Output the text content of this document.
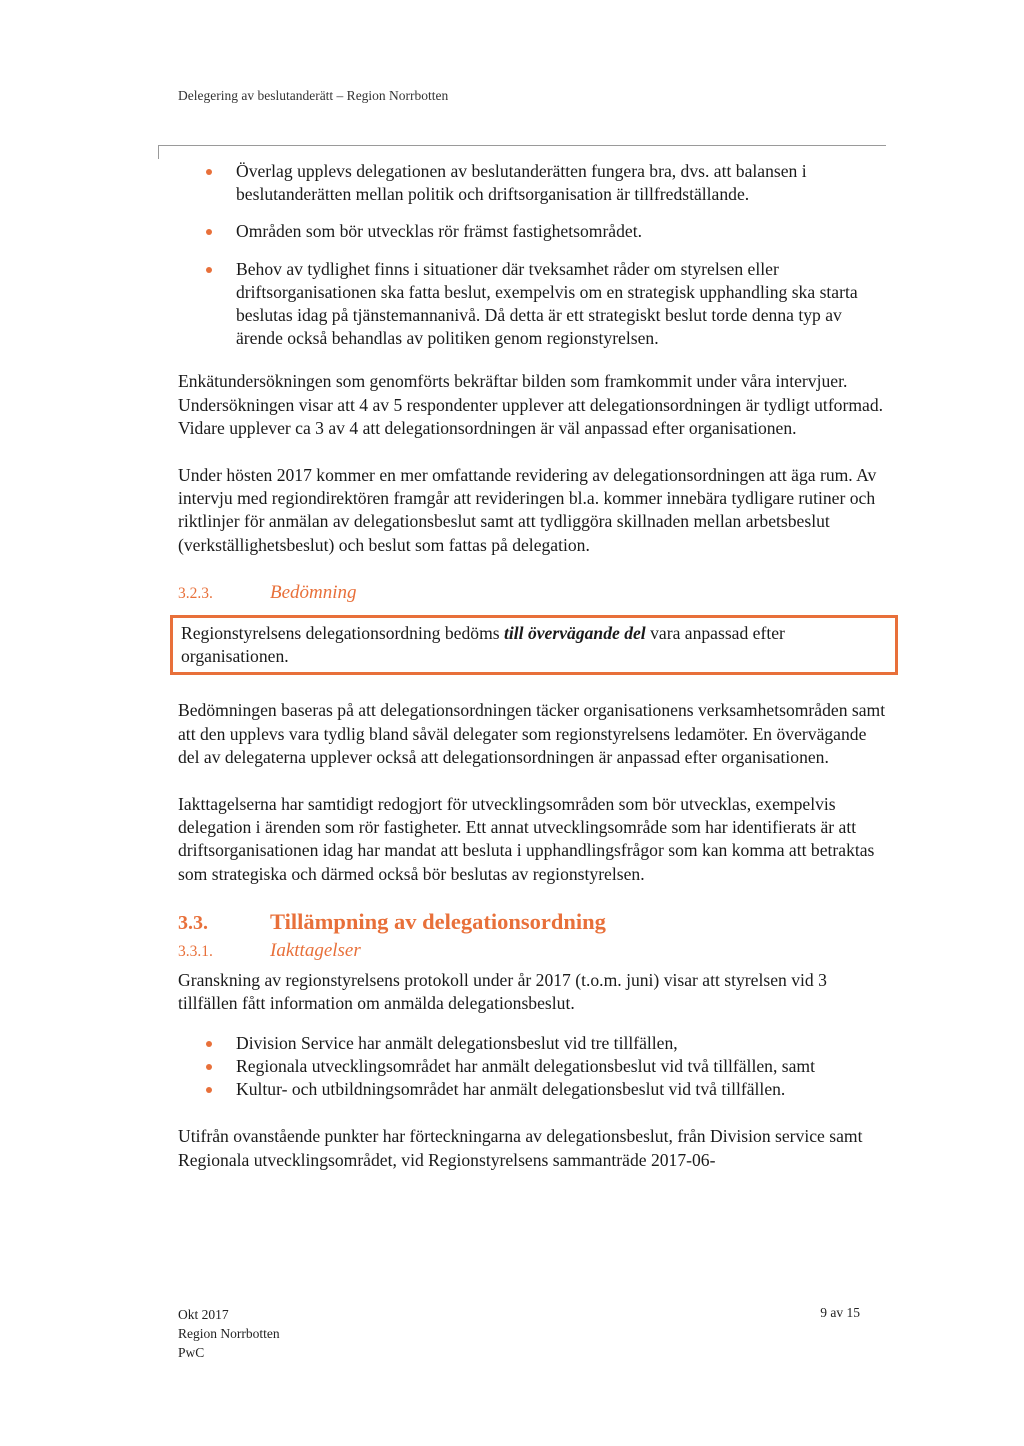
Delegering av beslutanderätt – Region Norrbotten
Överlag upplevs delegationen av beslutanderätten fungera bra, dvs. att balansen i beslutanderätten mellan politik och driftsorganisation är tillfredställande.
Områden som bör utvecklas rör främst fastighetsområdet.
Behov av tydlighet finns i situationer där tveksamhet råder om styrelsen eller driftsorganisationen ska fatta beslut, exempelvis om en strategisk upphandling ska starta beslutas idag på tjänstemannanivå. Då detta är ett strategiskt beslut torde denna typ av ärende också behandlas av politiken genom regionstyrelsen.

Enkätundersökningen som genomförts bekräftar bilden som framkommit under våra intervjuer. Undersökningen visar att 4 av 5 respondenter upplever att delegationsordningen är tydligt utformad. Vidare upplever ca 3 av 4 att delegationsordningen är väl anpassad efter organisationen.

Under hösten 2017 kommer en mer omfattande revidering av delegationsordningen att äga rum. Av intervju med regiondirektören framgår att revideringen bl.a. kommer innebära tydligare rutiner och riktlinjer för anmälan av delegationsbeslut samt att tydliggöra skillnaden mellan arbetsbeslut (verkställighetsbeslut) och beslut som fattas på delegation.

3.2.3.	Bedömning
Regionstyrelsens delegationsordning bedöms till övervägande del vara anpassad efter organisationen.

Bedömningen baseras på att delegationsordningen täcker organisationens verksamhetsområden samt att den upplevs vara tydlig bland såväl delegater som regionstyrelsens ledamöter. En övervägande del av delegaterna upplever också att delegationsordningen är anpassad efter organisationen.

Iakttagelserna har samtidigt redogjort för utvecklingsområden som bör utvecklas, exempelvis delegation i ärenden som rör fastigheter. Ett annat utvecklingsområde som har identifierats är att driftsorganisationen idag har mandat att besluta i upphandlingsfrågor som kan komma att betraktas som strategiska och därmed också bör beslutas av regionstyrelsen.

3.3.	Tillämpning av delegationsordning
3.3.1.	Iakttagelser

Granskning av regionstyrelsens protokoll under år 2017 (t.o.m. juni) visar att styrelsen vid 3 tillfällen fått information om anmälda delegationsbeslut.

Division Service har anmält delegationsbeslut vid tre tillfällen,
Regionala utvecklingsområdet har anmält delegationsbeslut vid två tillfällen, samt
Kultur- och utbildningsområdet har anmält delegationsbeslut vid två tillfällen.

Utifrån ovanstående punkter har förteckningarna av delegationsbeslut, från Division service samt Regionala utvecklingsområdet, vid Regionstyrelsens sammanträde 2017-06-

Okt 2017
Region Norrbotten
PwC
9 av 15
